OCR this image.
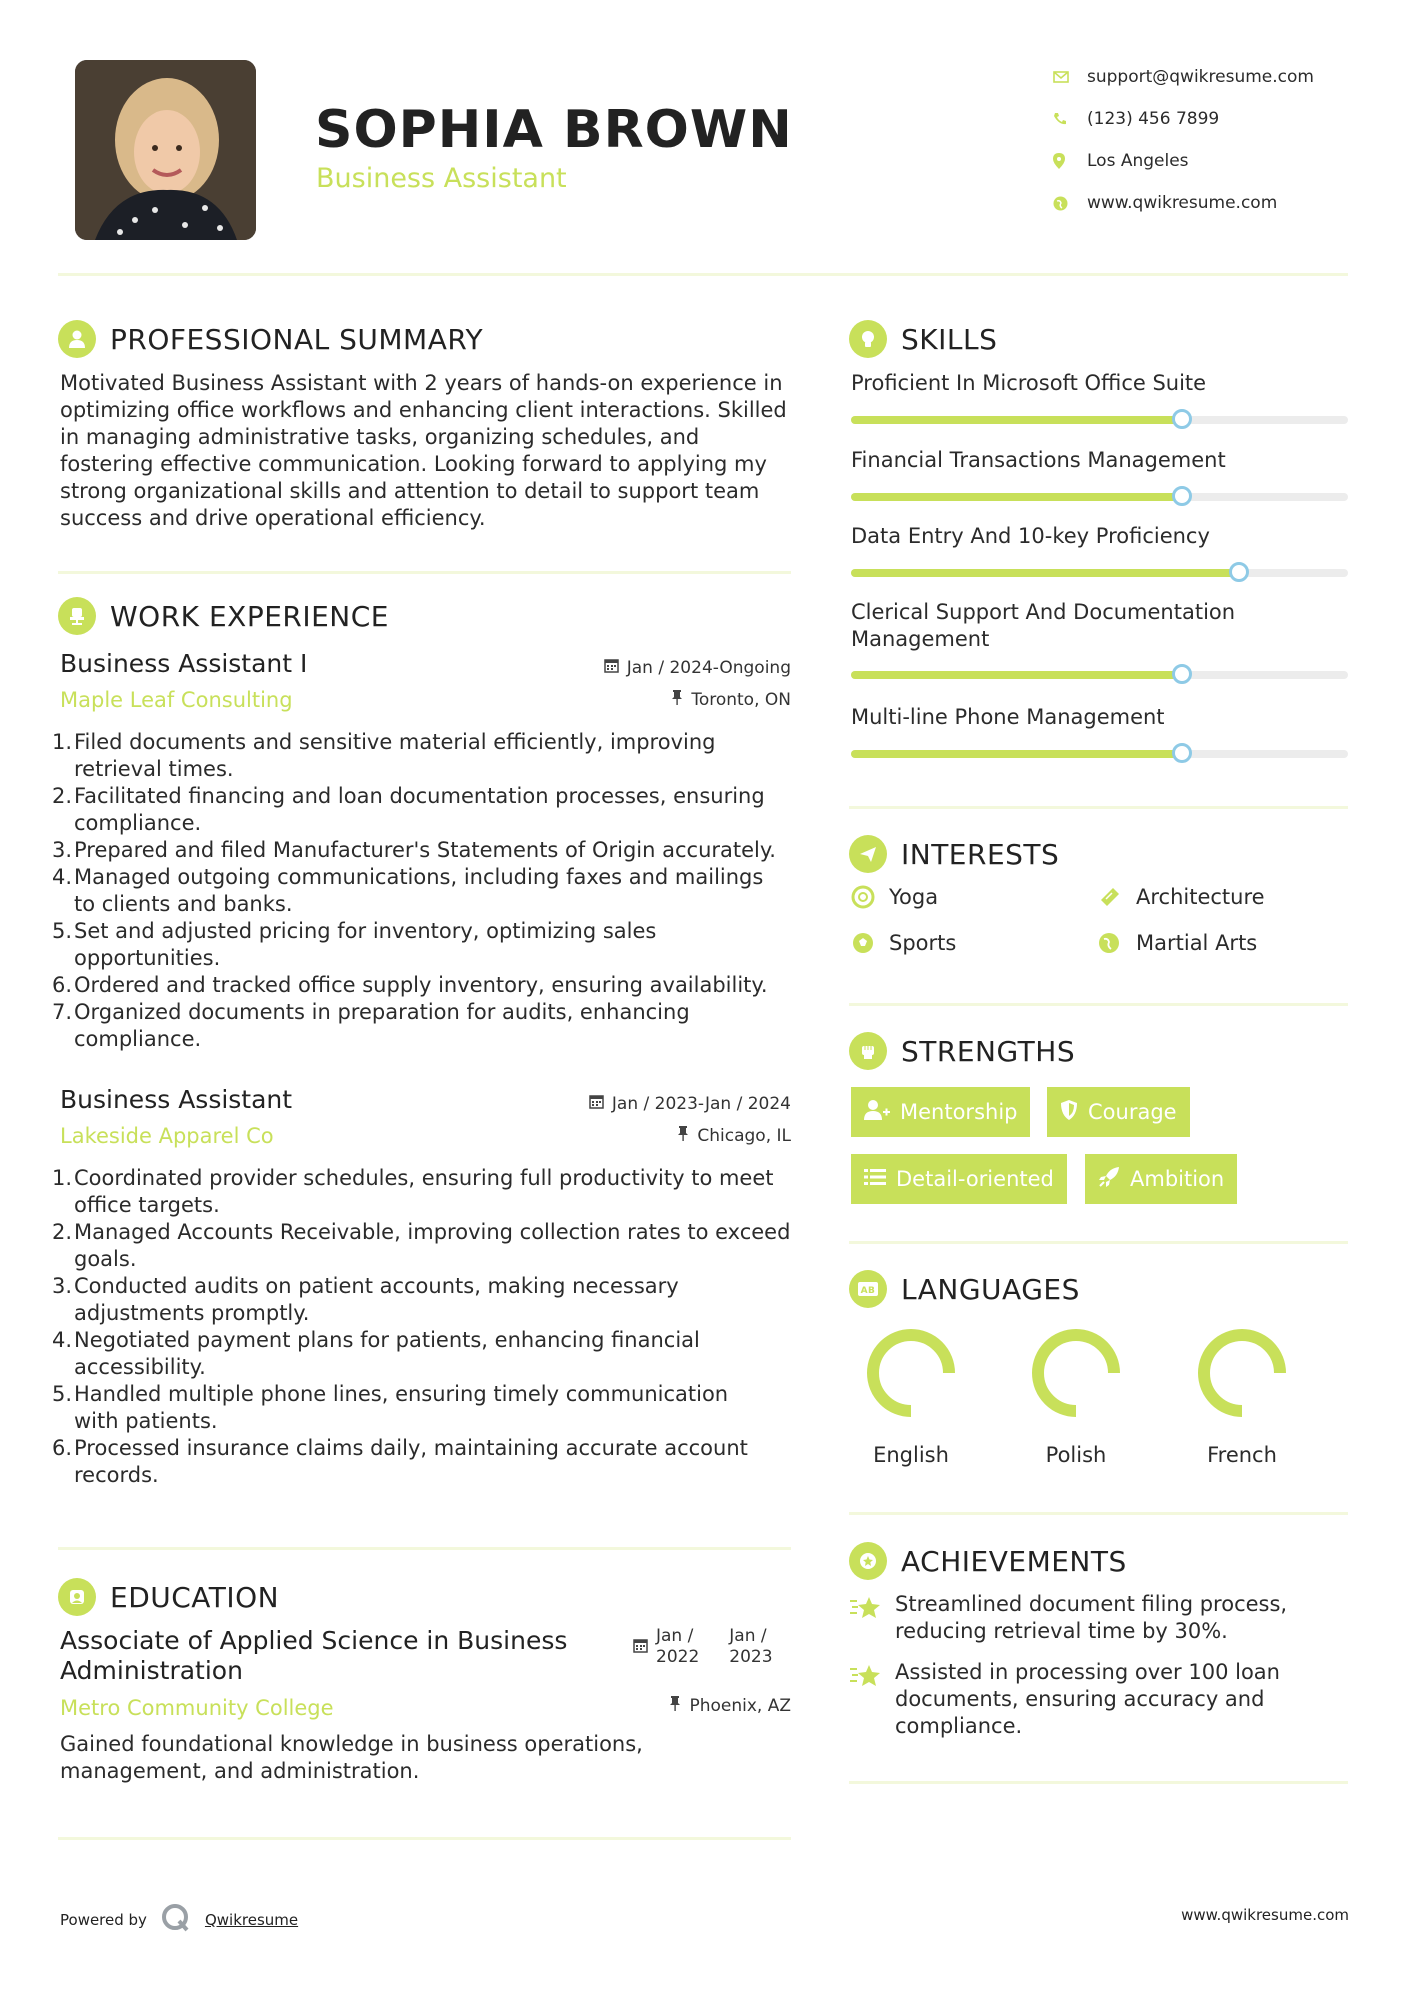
SOPHIA BROWN
Business Assistant
support@qwikresume.com
(123) 456 7899
Los Angeles
www.qwikresume.com
PROFESSIONAL SUMMARY
Motivated Business Assistant with 2 years of hands-on experience in
optimizing office workflows and enhancing client interactions. Skilled
in managing administrative tasks, organizing schedules, and
fostering effective communication. Looking forward to applying my
strong organizational skills and attention to detail to support team
success and drive operational efficiency.
WORK EXPERIENCE
Business Assistant I
Maple Leaf Consulting
Jan / 2024-Ongoing
Toronto, ON
1. Filed documents and sensitive material efficiently, improving
retrieval times.
2. Facilitated financing and loan documentation processes, ensuring
compliance.
3. Prepared and filed Manufacturer's Statements of Origin accurately.
4. Managed outgoing communications, including faxes and mailings
to clients and banks.
5. Set and adjusted pricing for inventory, optimizing sales
opportunities.
6. Ordered and tracked office supply inventory, ensuring availability.
7. Organized documents in preparation for audits, enhancing
compliance.
Business Assistant
Lakeside Apparel Co
Jan / 2023-Jan / 2024
Chicago, IL
1. Coordinated provider schedules, ensuring full productivity to meet
office targets.
2. Managed Accounts Receivable, improving collection rates to exceed
goals.
3. Conducted audits on patient accounts, making necessary
adjustments promptly.
4. Negotiated payment plans for patients, enhancing financial
accessibility.
5. Handled multiple phone lines, ensuring timely communication
with patients.
6. Processed insurance claims daily, maintaining accurate account
records.
EDUCATION
Associate of Applied Science in Business
Administration
Metro Community College
Jan /
2022
Jan /
2023
Phoenix, AZ
Gained foundational knowledge in business operations,
management, and administration.
SKILLS
Proficient In Microsoft Office Suite
Financial Transactions Management
Data Entry And 10-key Proficiency
Clerical Support And Documentation
Management
Multi-line Phone Management
INTERESTS
Yoga	Architecture
Sports	Martial Arts
STRENGTHS
Mentorship	Courage
Detail-oriented	Ambition
AB LANGUAGES
English	Polish	French
ACHIEVEMENTS
Streamlined document filing process,
reducing retrieval time by 30%.
Assisted in processing over 100 loan
documents, ensuring accuracy and
compliance.
Powered by	Qwikresume	www.qwikresume.com
